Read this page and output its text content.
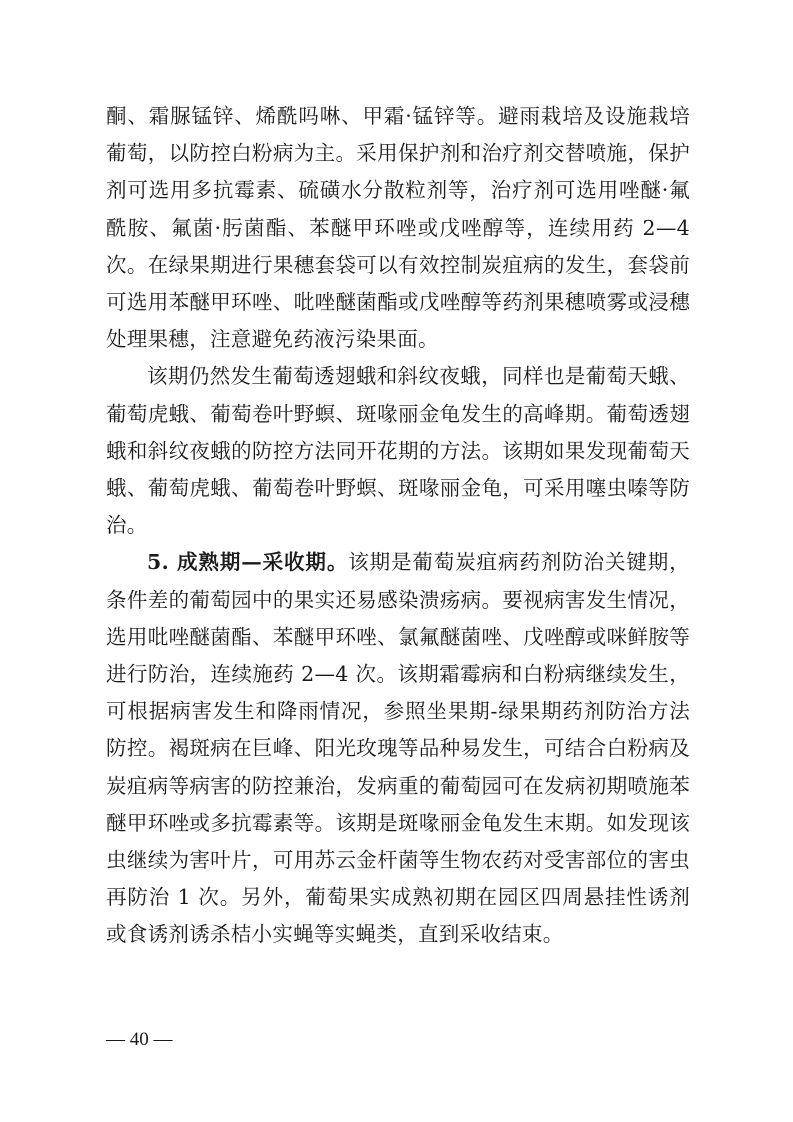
酮、霜脲锰锌、烯酰吗啉、甲霜·锰锌等。避雨栽培及设施栽培葡萄，以防控白粉病为主。采用保护剂和治疗剂交替喷施，保护剂可选用多抗霉素、硫磺水分散粒剂等，治疗剂可选用唑醚·氟酰胺、氟菌·肟菌酯、苯醚甲环唑或戊唑醇等，连续用药 2—4 次。在绿果期进行果穗套袋可以有效控制炭疽病的发生，套袋前可选用苯醚甲环唑、吡唑醚菌酯或戊唑醇等药剂果穗喷雾或浸穗处理果穗，注意避免药液污染果面。

该期仍然发生葡萄透翅蛾和斜纹夜蛾，同样也是葡萄天蛾、葡萄虎蛾、葡萄卷叶野螟、斑喙丽金龟发生的高峰期。葡萄透翅蛾和斜纹夜蛾的防控方法同开花期的方法。该期如果发现葡萄天蛾、葡萄虎蛾、葡萄卷叶野螟、斑喙丽金龟，可采用噻虫嗪等防治。

5. 成熟期—采收期。该期是葡萄炭疽病药剂防治关键期，条件差的葡萄园中的果实还易感染溃疡病。要视病害发生情况，选用吡唑醚菌酯、苯醚甲环唑、氯氟醚菌唑、戊唑醇或咪鲜胺等进行防治，连续施药 2—4 次。该期霜霉病和白粉病继续发生，可根据病害发生和降雨情况，参照坐果期-绿果期药剂防治方法防控。褐斑病在巨峰、阳光玫瑰等品种易发生，可结合白粉病及炭疽病等病害的防控兼治，发病重的葡萄园可在发病初期喷施苯醚甲环唑或多抗霉素等。该期是斑喙丽金龟发生末期。如发现该虫继续为害叶片，可用苏云金杆菌等生物农药对受害部位的害虫再防治 1 次。另外，葡萄果实成熟初期在园区四周悬挂性诱剂或食诱剂诱杀桔小实蝇等实蝇类，直到采收结束。

— 40 —
